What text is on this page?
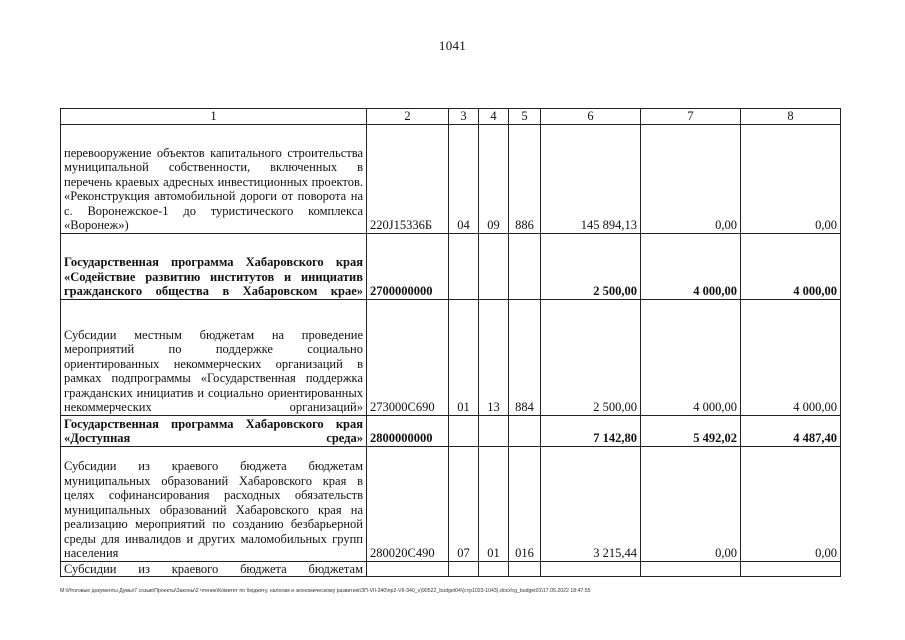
1041
1	2	3	4	5	6	7	8
перевооружение объектов капитального строительства муниципальной собственности, включенных в перечень краевых адресных инвестиционных проектов. «Реконструкция автомобильной дороги от поворота на с. Воронежское-1 до туристического комплекса «Воронеж»)	220J15336Б	04	09	886	145 894,13	0,00	0,00
Государственная программа Хабаровского края «Содействие развитию институтов и инициатив гражданского общества в Хабаровском крае»	2700000000				2 500,00	4 000,00	4 000,00
Субсидии местным бюджетам на проведение мероприятий по поддержке социально ориентированных некоммерческих организаций в рамках подпрограммы «Государственная поддержка гражданских инициатив и социально ориентированных некоммерческих организаций»	273000С690	01	13	884	2 500,00	4 000,00	4 000,00
Государственная программа Хабаровского края «Доступная среда»	2800000000				7 142,80	5 492,02	4 487,40
Субсидии из краевого бюджета бюджетам муниципальных образований Хабаровского края в целях софинансирования расходных обязательств муниципальных образований Хабаровского края на реализацию мероприятий по созданию безбарьерной среды для инвалидов и других маломобильных групп населения	280020С490	07	01	016	3 215,44	0,00	0,00
Субсидии из краевого бюджета бюджетам							
M:\Итоговые документы Думы\7 созыв\Проекты\Законы\2 чтение\Комитет по бюджету, налогам и экономическому развитию\ЗП-VII-340\пр2-VII-340_v)90522_budget04\(стр1023-1043).docx\rg_budget01\17.05.2022 18:47:55
